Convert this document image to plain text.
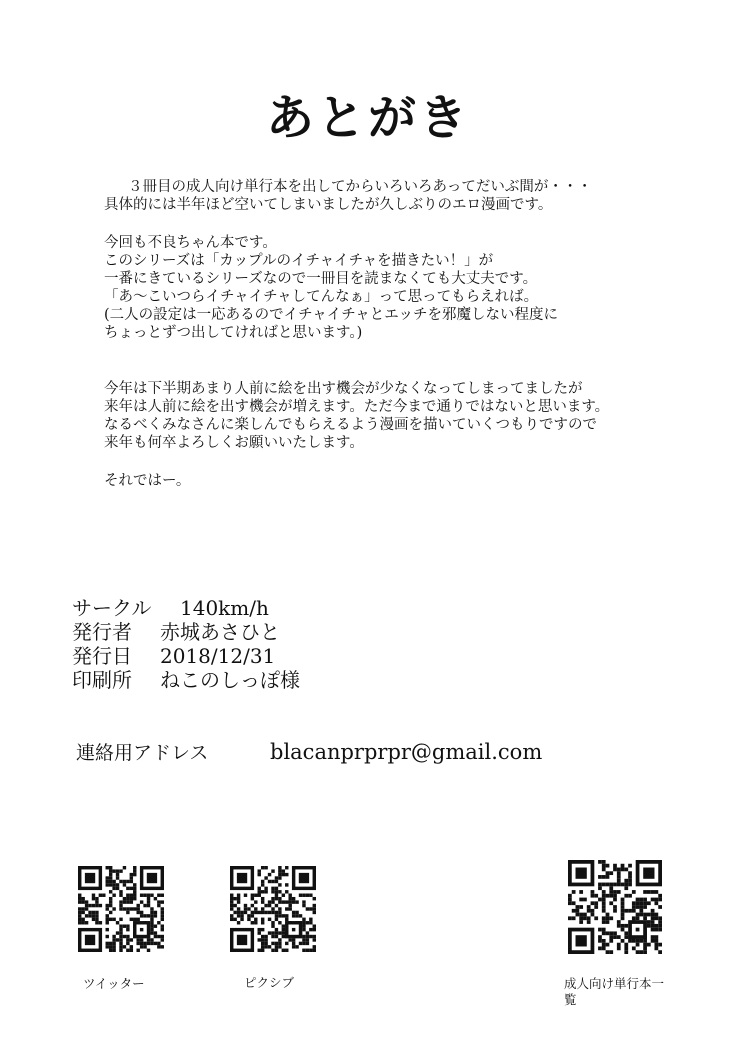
あとがき
３冊目の成人向け単行本を出してからいろいろあってだいぶ間が・・・
具体的には半年ほど空いてしまいましたが久しぶりのエロ漫画です。
今回も不良ちゃん本です。
このシリーズは「カップルのイチャイチャを描きたい！」が
一番にきているシリーズなので一冊目を読まなくても大丈夫です。
「あ～こいつらイチャイチャしてんなぁ」って思ってもらえれば。
(二人の設定は一応あるのでイチャイチャとエッチを邪魔しない程度に
ちょっとずつ出してければと思います。)
今年は下半期あまり人前に絵を出す機会が少なくなってしまってましたが
来年は人前に絵を出す機会が増えます。ただ今まで通りではないと思います。
なるべくみなさんに楽しんでもらえるよう漫画を描いていくつもりですので
来年も何卒よろしくお願いいたします。
それではー。
サークル	140km/h
発行者	赤城あさひと
発行日	2018/12/31
印刷所	ねこのしっぽ様
連絡用アドレス	blacanprprpr@gmail.com
ツイッター	ピクシブ	成人向け単行本一覧
